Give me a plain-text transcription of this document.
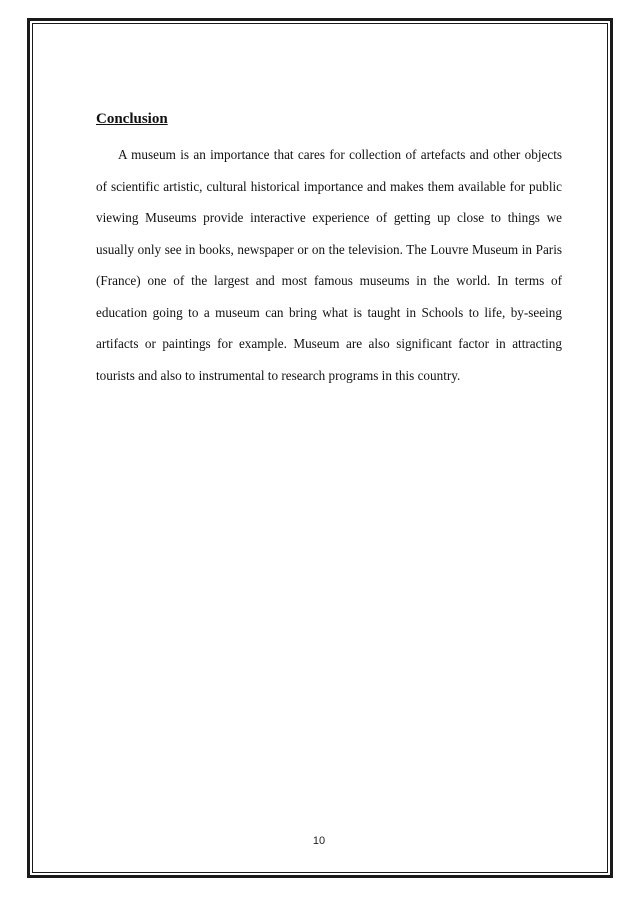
Conclusion

A museum is an importance that cares for collection of artefacts and other objects of scientific artistic, cultural historical importance and makes them available for public viewing Museums provide interactive experience of getting up close to things we usually only see in books, newspaper or on the television. The Louvre Museum in Paris (France) one of the largest and most famous museums in the world. In terms of education going to a museum can bring what is taught in Schools to life, by-seeing artifacts or paintings for example. Museum are also significant factor in attracting tourists and also to instrumental to research programs in this country.

10
